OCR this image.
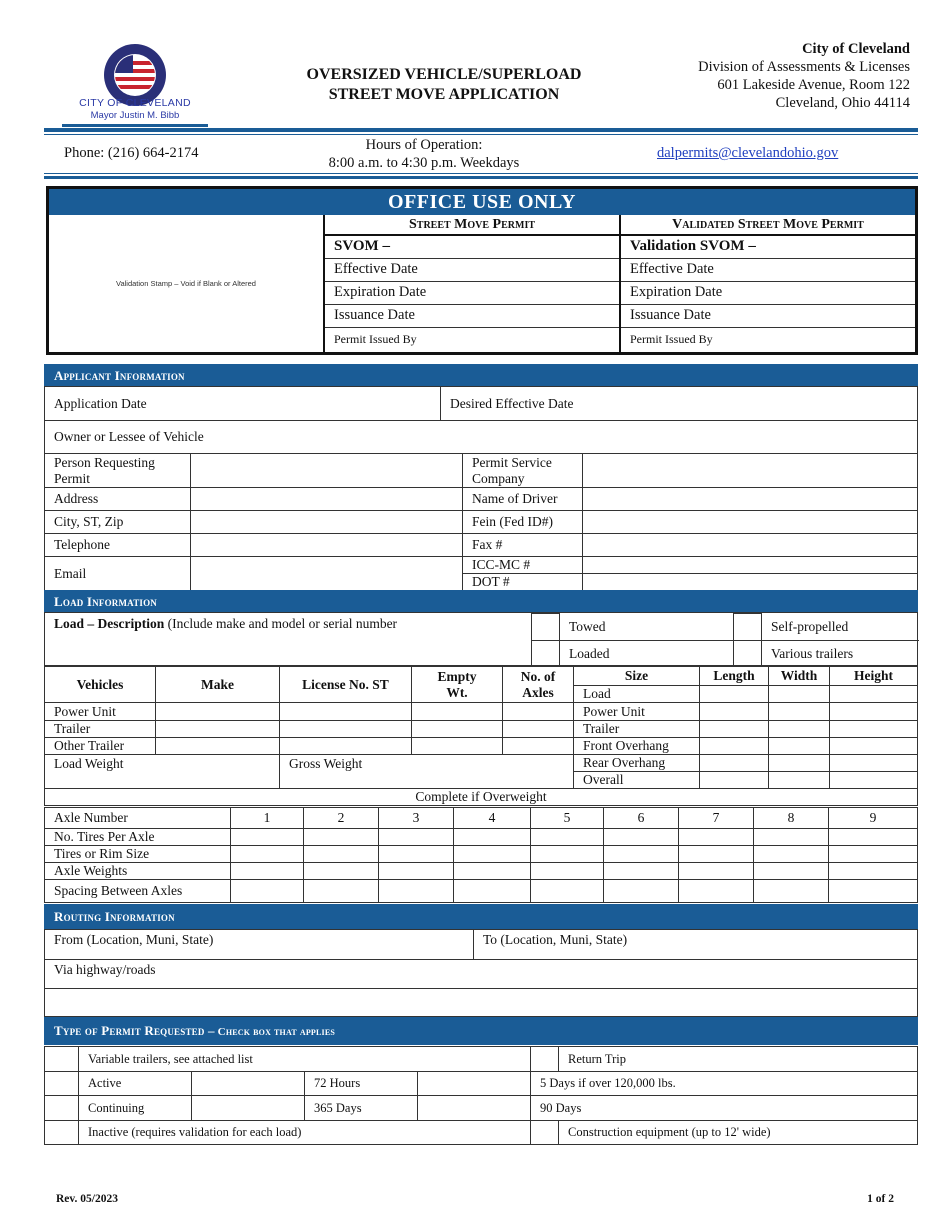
CITY OF CLEVELAND
Mayor Justin M. Bibb
OVERSIZED VEHICLE/SUPERLOAD
STREET MOVE APPLICATION
City of Cleveland
Division of Assessments & Licenses
601 Lakeside Avenue, Room 122
Cleveland, Ohio 44114
Phone: (216) 664-2174	Hours of Operation:
8:00 a.m. to 4:30 p.m. Weekdays
dalpermits@clevelandohio.gov
OFFICE USE ONLY
Validation Stamp – Void if Blank or Altered
Street Move Permit	Validated Street Move Permit
SVOM –	Validation SVOM –
Effective Date	Effective Date
Expiration Date	Expiration Date
Issuance Date	Issuance Date
Permit Issued By	Permit Issued By
Applicant Information
Application Date	Desired Effective Date
Owner or Lessee of Vehicle
Person Requesting Permit		Permit Service Company	
Address		Name of Driver	
City, ST, Zip		Fein (Fed ID#)	
Telephone		Fax #	
Email		ICC-MC #	
		DOT #	
Load Information
Load – Description (Include make and model or serial number
		Towed		Self-propelled
	Loaded		Various trailers
Vehicles	Make	License No. ST	Empty Wt.	No. of Axles	Size	Length	Width	Height
					Load			
Power Unit					Power Unit			
Trailer					Trailer			
Other Trailer					Front Overhang			
Load Weight		Gross Weight			Rear Overhang			
					Overall			
Complete if Overweight								
Axle Number	1	2	3	4	5	6	7	8	9
No. Tires Per Axle									
Tires or Rim Size									
Axle Weights									
Spacing Between Axles									
Routing Information
From (Location, Muni, State)	To (Location, Muni, State)
Via highway/roads

Type of Permit Requested – Check box that applies
	Variable trailers, see attached list					Return Trip
	Active		72 Hours		5 Days if over 120,000 lbs.	
	Continuing		365 Days		90 Days	
	Inactive (requires validation for each load)					Construction equipment (up to 12' wide)
Rev. 05/2023	1 of 2
